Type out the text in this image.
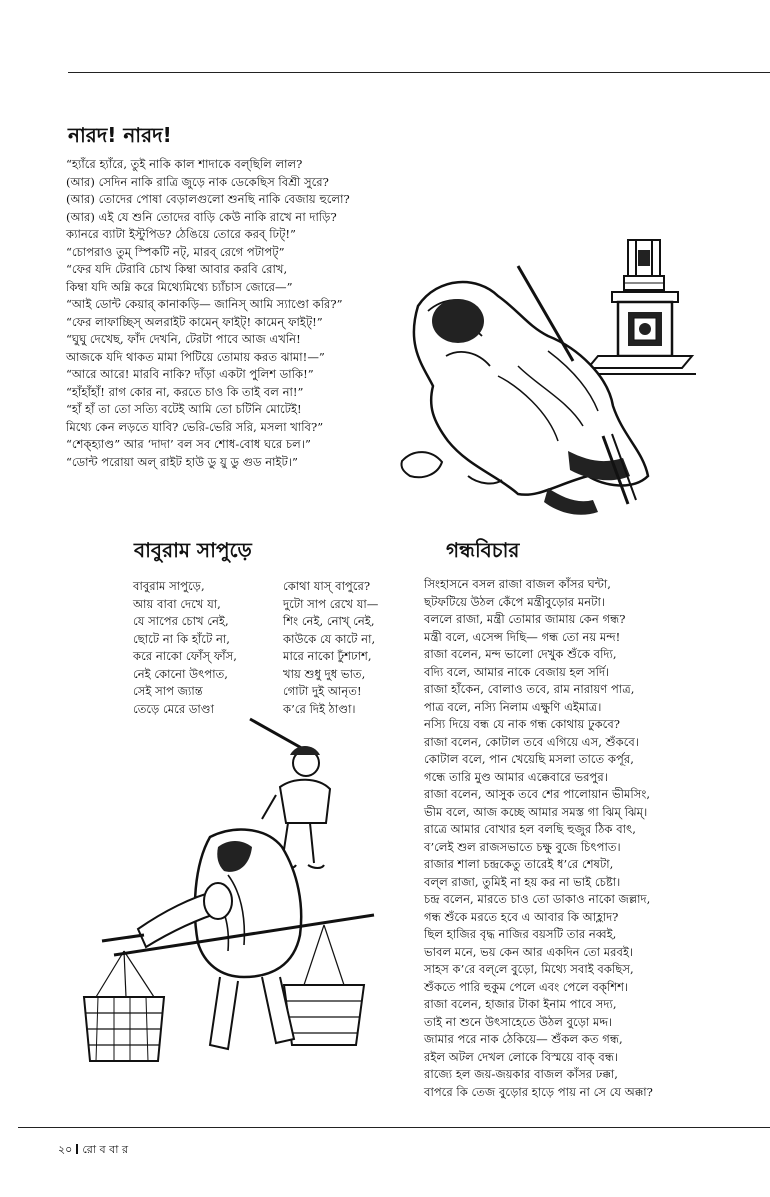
নারদ! নারদ!
“হ্যাঁরে হ্যাঁরে, তুই নাকি কাল শাদাকে বল্‌ছিলি লাল?
(আর) সেদিন নাকি রাত্রি জুড়ে নাক ডেকেছিস বিশ্রী সুরে?
(আর) তোদের পোষা বেড়ালগুলো শুনছি নাকি বেজায় হুলো?
(আর) এই যে শুনি তোদের বাড়ি কেউ নাকি রাখে না দাড়ি?
ক্যানরে ব্যাটা ইস্টুপিড? ঠেঙিয়ে তোরে করব্‌ ঢিট্‌!”
“চোপরাও তুম্‌ স্পিকটি নট্‌, মারব্‌ রেগে পটাপট্‌”
“ফের যদি টেরাবি চোখ কিম্বা আবার করবি রোখ,
কিম্বা যদি অম্নি করে মিথ্যেমিথ্যে চ্যাঁচাস জোরে—”
“আই ডোন্ট কেয়ার্‌ কানাকড়ি— জানিস্‌ আমি স্যাণ্ডো করি?”
“ফের লাফাচ্ছিস্‌ অলরাইট কামেন্‌ ফাইট্‌! কামেন্‌ ফাইট্‌!”
“ঘুঘু দেখেছ, ফাঁদ দেখনি, টেরটা পাবে আজ এখনি!
আজকে যদি থাকত মামা পিটিয়ে তোমায় করত ঝামা!—”
“আরে আরে! মারবি নাকি? দাঁড়া একটা পুলিশ ডাকি!”
“হাঁহাঁহাঁ! রাগ কোর না, করতে চাও কি তাই বল না!”
“হাঁ হাঁ তা তো সত্যি বটেই আমি তো চটিনি মোটেই!
মিথ্যে কেন লড়তে যাবি? ভেরি-ভেরি সরি, মসলা খাবি?”
“শেক্‌হ্যাণ্ড” আর ‘দাদা’ বল সব শোধ-বোধ ঘরে চল।”
“ডোন্ট পরোয়া অল্‌ রাইট হাউ ডু য়ু ডু গুড নাইট।”
বাবুরাম সাপুড়ে
বাবুরাম সাপুড়ে,
আয় বাবা দেখে যা,
যে সাপের চোখ নেই,
ছোটে না কি হাঁটে না,
করে নাকো ফোঁস্‌ ফাঁস,
নেই কোনো উৎপাত,
সেই সাপ জ্যান্ত
তেড়ে মেরে ডাণ্ডা
কোথা যাস্‌ বাপুরে?
দুটো সাপ রেখে যা—
শিং নেই, নোখ্‌ নেই,
কাউকে যে কাটে না,
মারে নাকো ঢুঁশঢাশ,
খায় শুধু দুধ ভাত,
গোটা দুই আনৃত!
ক’রে দিই ঠাণ্ডা।
গন্ধবিচার
সিংহাসনে বসল রাজা বাজল কাঁসর ঘন্টা,
ছটফটিয়ে উঠল কেঁপে মন্ত্রীবুড়োর মনটা।
বললে রাজা, মন্ত্রী তোমার জামায় কেন গন্ধ?
মন্ত্রী বলে, এসেন্স দিছি— গন্ধ তো নয় মন্দ!
রাজা বলেন, মন্দ ভালো দেখুক শুঁকে বদ্যি,
বদ্যি বলে, আমার নাকে বেজায় হল সর্দি।
রাজা হাঁকেন, বোলাও তবে, রাম নারায়ণ পাত্র,
পাত্র বলে, নস্যি নিলাম এক্ষুণি এইমাত্র।
নস্যি দিয়ে বন্ধ যে নাক গন্ধ কোথায় ঢুকবে?
রাজা বলেন, কোটাল তবে এগিয়ে এস, শুঁকবে।
কোটাল বলে, পান খেয়েছি মসলা তাতে কর্পূর,
গন্ধে তারি মুণ্ড আমার এক্কেবারে ভরপুর।
রাজা বলেন, আসুক তবে শের পালোয়ান ভীমসিং,
ভীম বলে, আজ কচ্ছে আমার সমস্ত গা ঝিম্‌ ঝিম্‌।
রাত্রে আমার বোখার হল বলছি হুজুর ঠিক বাৎ,
ব’লেই শুল রাজসভাতে চক্ষু বুজে চিৎপাত।
রাজার শালা চন্দ্রকেতু তারেই ধ’রে শেষটা,
বল্‌ল রাজা, তুমিই না হয় কর না ভাই চেষ্টা।
চন্দ্র বলেন, মারতে চাও তো ডাকাও নাকো জল্লাদ,
গন্ধ শুঁকে মরতে হবে এ আবার কি আহ্লাদ?
ছিল হাজির বৃদ্ধ নাজির বয়সটি তার নব্বই,
ভাবল মনে, ভয় কেন আর একদিন তো মরবই।
সাহস ক’রে বল্‌লে বুড়ো, মিথ্যে সবাই বকছিস,
শুঁকতে পারি হুকুম পেলে এবং পেলে বক্‌শিশ।
রাজা বলেন, হাজার টাকা ইনাম পাবে সদ্য,
তাই না শুনে উৎসাহেতে উঠল বুড়ো মদ্দ।
জামার পরে নাক ঠেকিয়ে— শুঁকল কত গন্ধ,
রইল অটল দেখল লোকে বিস্ময়ে বাক্‌ বন্ধ।
রাজ্যে হল জয়-জয়কার বাজল কাঁসর ঢক্কা,
বাপরে কি তেজ বুড়োর হাড়ে পায় না সে যে অক্কা?
২০ রো ব বা র
